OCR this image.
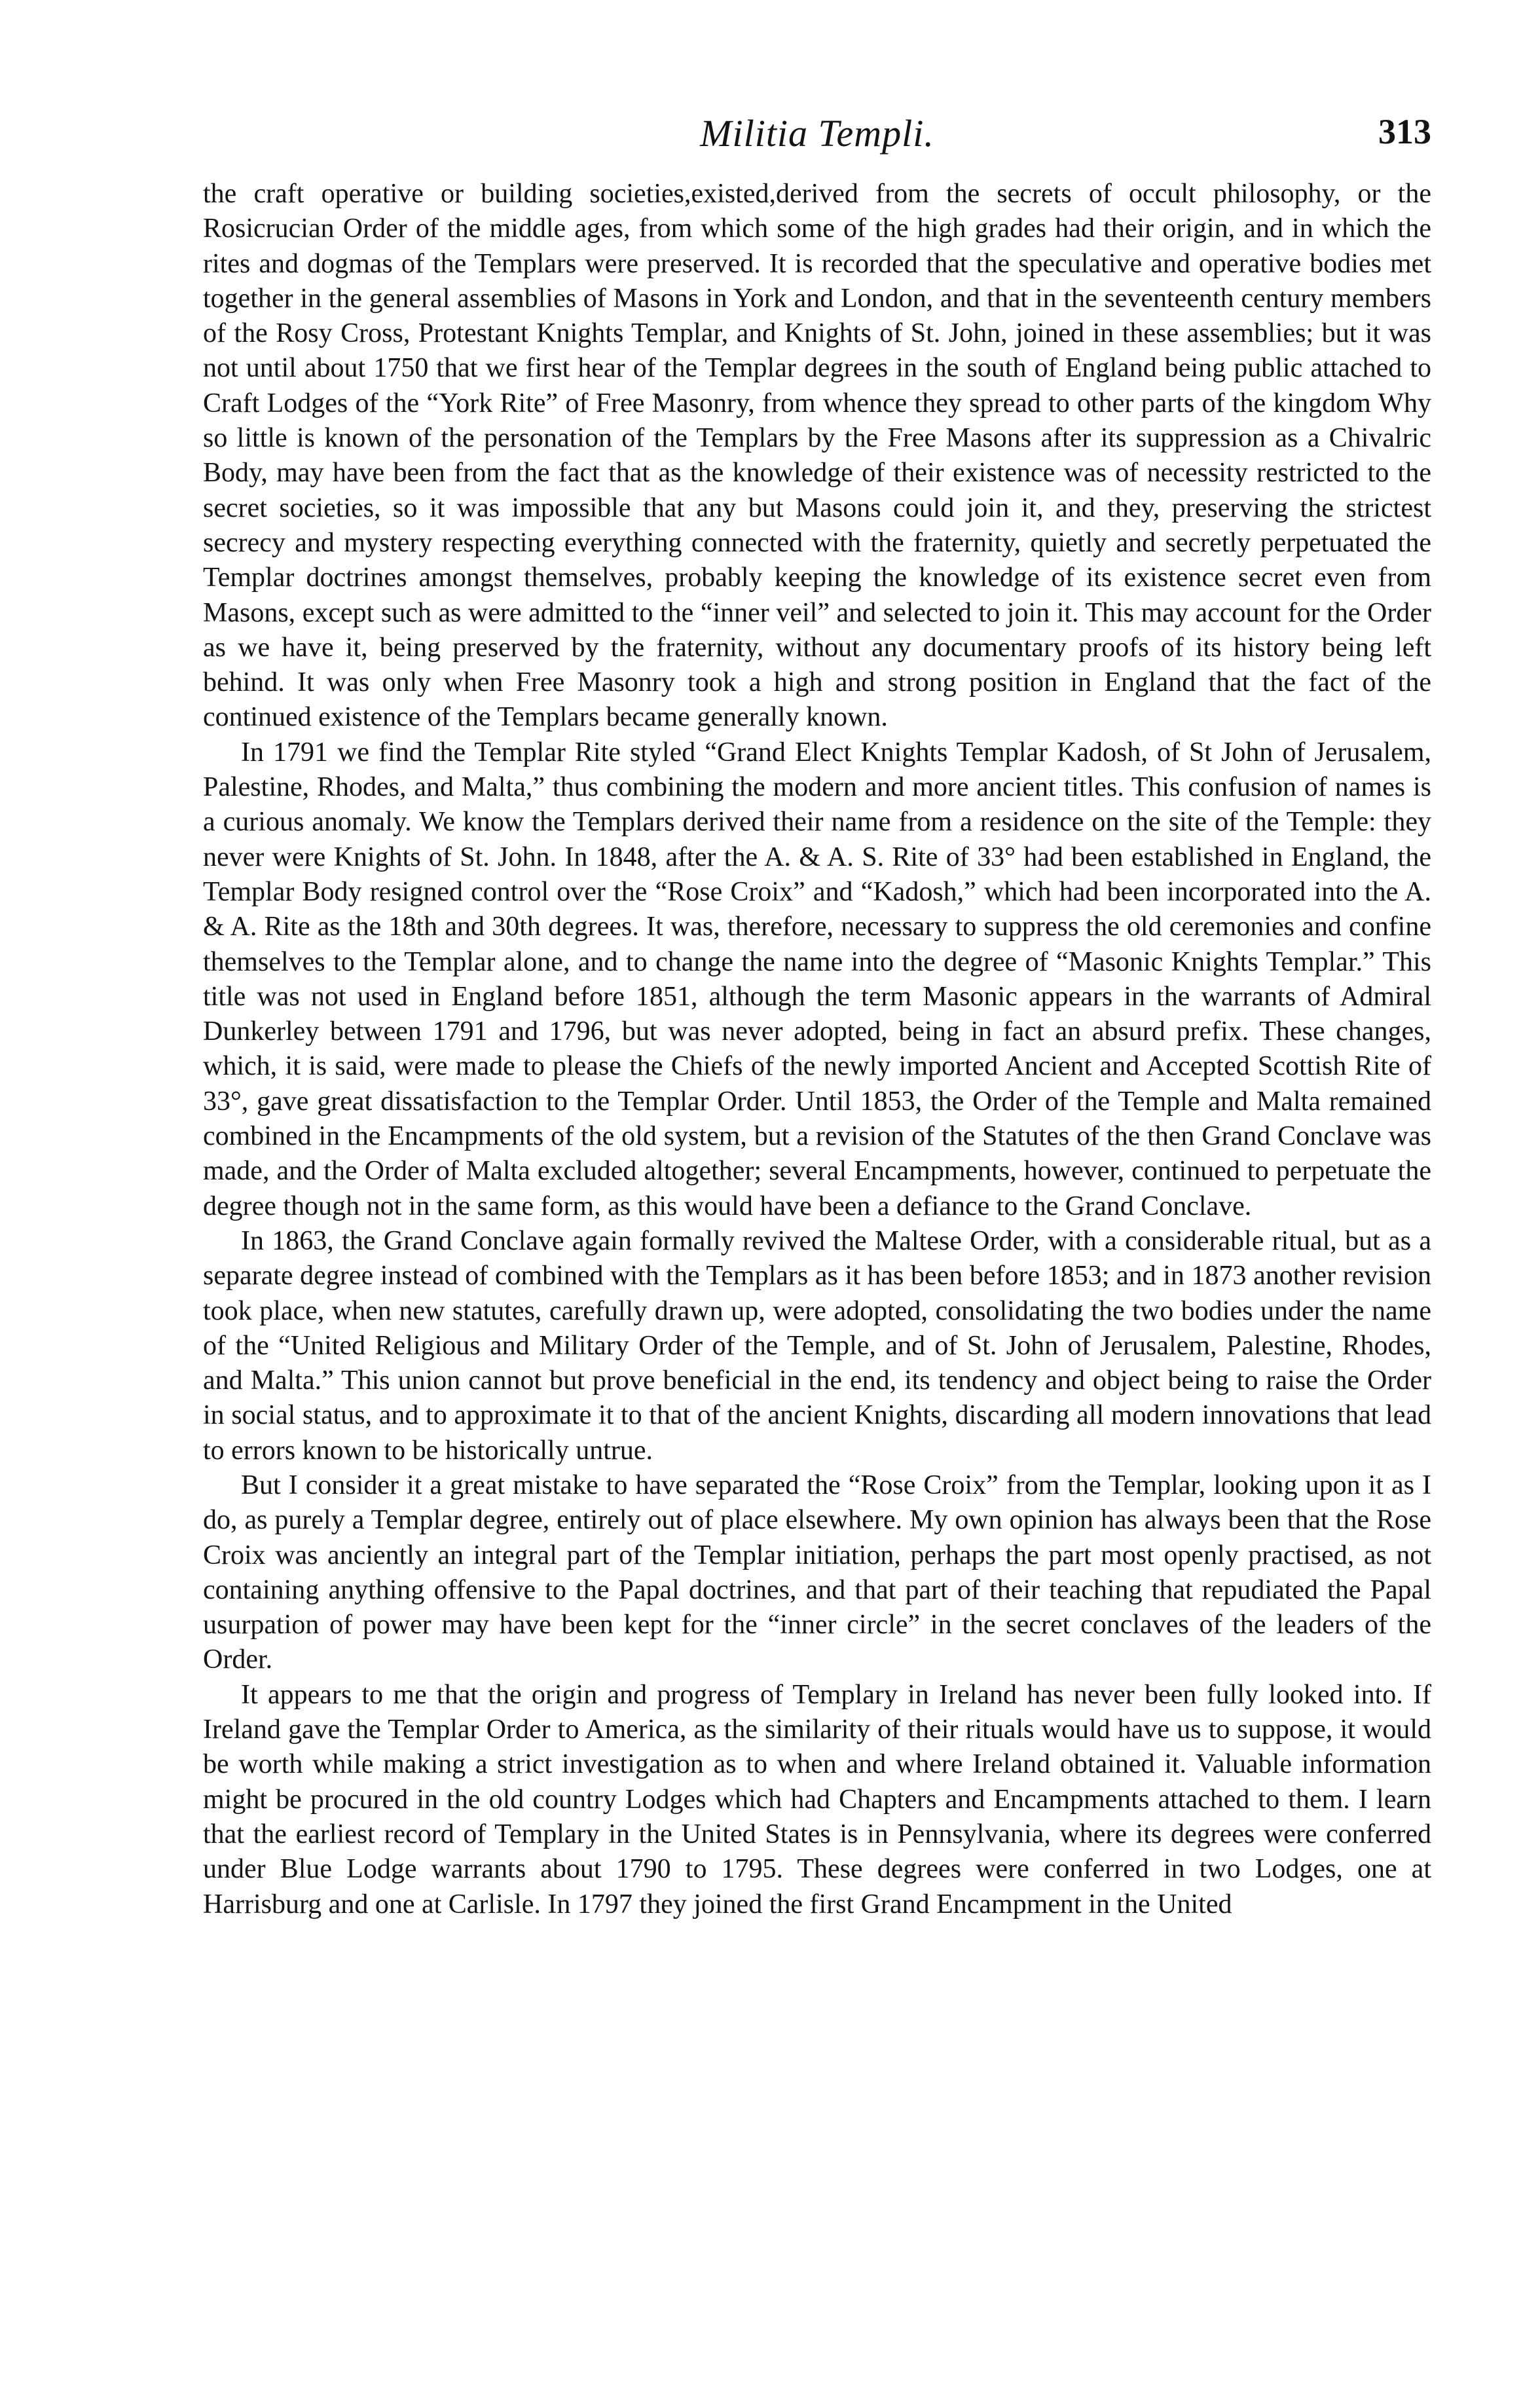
Militia Templi.	313

the craft operative or building societies,existed,derived from the secrets of occult philosophy, or the Rosicrucian Order of the middle ages, from which some of the high grades had their origin, and in which the rites and dogmas of the Templars were preserved. It is recorded that the speculative and operative bodies met together in the general assemblies of Masons in York and London, and that in the seventeenth century members of the Rosy Cross, Protestant Knights Templar, and Knights of St. John, joined in these assemblies; but it was not until about 1750 that we first hear of the Templar degrees in the south of England being public attached to Craft Lodges of the “York Rite” of Free Masonry, from whence they spread to other parts of the kingdom Why so little is known of the personation of the Templars by the Free Masons after its suppression as a Chivalric Body, may have been from the fact that as the knowledge of their existence was of necessity restricted to the secret societies, so it was impossible that any but Masons could join it, and they, preserving the strictest secrecy and mystery respecting everything connected with the fraternity, quietly and secretly perpetuated the Templar doctrines amongst themselves, probably keeping the knowledge of its existence secret even from Masons, except such as were admitted to the “inner veil” and selected to join it. This may account for the Order as we have it, being preserved by the fraternity, without any documentary proofs of its history being left behind. It was only when Free Masonry took a high and strong position in England that the fact of the continued existence of the Templars became generally known.

In 1791 we find the Templar Rite styled “Grand Elect Knights Templar Kadosh, of St John of Jerusalem, Palestine, Rhodes, and Malta,” thus combining the modern and more ancient titles. This confusion of names is a curious anomaly. We know the Templars derived their name from a residence on the site of the Temple: they never were Knights of St. John. In 1848, after the A. & A. S. Rite of 33° had been established in England, the Templar Body resigned control over the “Rose Croix” and “Kadosh,” which had been incorporated into the A. & A. Rite as the 18th and 30th degrees. It was, therefore, necessary to suppress the old ceremonies and confine themselves to the Templar alone, and to change the name into the degree of “Masonic Knights Templar.” This title was not used in England before 1851, although the term Masonic appears in the warrants of Admiral Dunkerley between 1791 and 1796, but was never adopted, being in fact an absurd prefix. These changes, which, it is said, were made to please the Chiefs of the newly imported Ancient and Accepted Scottish Rite of 33°, gave great dissatisfaction to the Templar Order. Until 1853, the Order of the Temple and Malta remained combined in the Encampments of the old system, but a revision of the Statutes of the then Grand Conclave was made, and the Order of Malta excluded altogether; several Encampments, however, continued to perpetuate the degree though not in the same form, as this would have been a defiance to the Grand Conclave.

In 1863, the Grand Conclave again formally revived the Maltese Order, with a considerable ritual, but as a separate degree instead of combined with the Templars as it has been before 1853; and in 1873 another revision took place, when new statutes, carefully drawn up, were adopted, consolidating the two bodies under the name of the “United Religious and Military Order of the Temple, and of St. John of Jerusalem, Palestine, Rhodes, and Malta.” This union cannot but prove beneficial in the end, its tendency and object being to raise the Order in social status, and to approximate it to that of the ancient Knights, discarding all modern innovations that lead to errors known to be historically untrue.

But I consider it a great mistake to have separated the “Rose Croix” from the Templar, looking upon it as I do, as purely a Templar degree, entirely out of place elsewhere. My own opinion has always been that the Rose Croix was anciently an integral part of the Templar initiation, perhaps the part most openly practised, as not containing anything offensive to the Papal doctrines, and that part of their teaching that repudiated the Papal usurpation of power may have been kept for the “inner circle” in the secret conclaves of the leaders of the Order.

It appears to me that the origin and progress of Templary in Ireland has never been fully looked into. If Ireland gave the Templar Order to America, as the similarity of their rituals would have us to suppose, it would be worth while making a strict investigation as to when and where Ireland obtained it. Valuable information might be procured in the old country Lodges which had Chapters and Encampments attached to them. I learn that the earliest record of Templary in the United States is in Pennsylvania, where its degrees were conferred under Blue Lodge warrants about 1790 to 1795. These degrees were conferred in two Lodges, one at Harrisburg and one at Carlisle. In 1797 they joined the first Grand Encampment in the United
